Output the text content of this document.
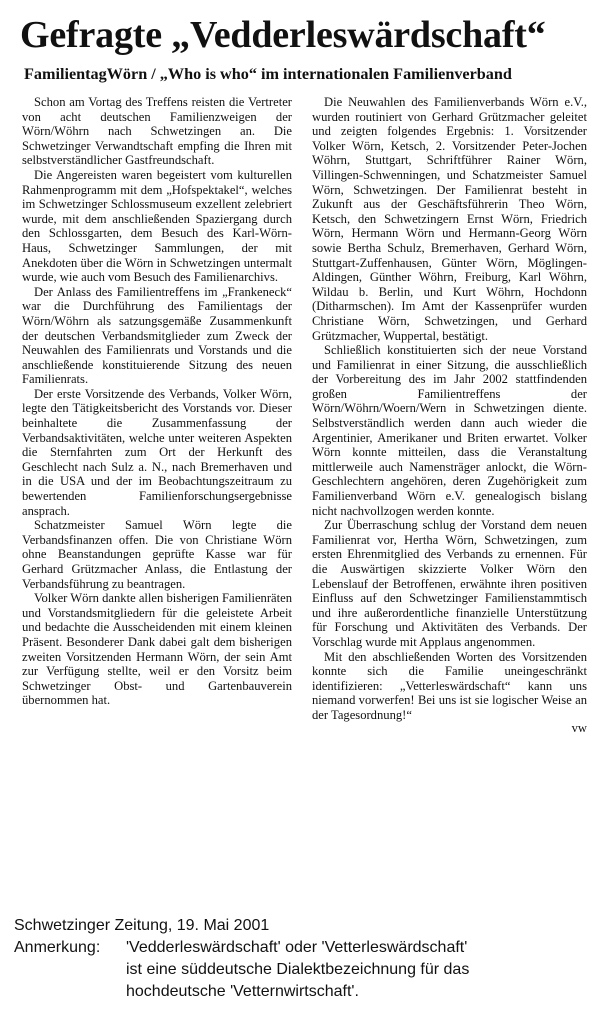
Gefragte „Vedderleswärdschaft“
FamilientagWörn / „Who is who“ im internationalen Familienverband

Schon am Vortag des Treffens reisten die Vertreter von acht deutschen Familienzweigen der Wörn/Wöhrn nach Schwetzingen an. Die Schwetzinger Verwandtschaft empfing die Ihren mit selbstverständlicher Gastfreundschaft.

Die Angereisten waren begeistert vom kulturellen Rahmenprogramm mit dem „Hofspektakel“, welches im Schwetzinger Schlossmuseum exzellent zelebriert wurde, mit dem anschließenden Spaziergang durch den Schlossgarten, dem Besuch des Karl-Wörn-Haus, Schwetzinger Sammlungen, der mit Anekdoten über die Wörn in Schwetzingen untermalt wurde, wie auch vom Besuch des Familienarchivs.

Der Anlass des Familientreffens im „Frankeneck“ war die Durchführung des Familientags der Wörn/Wöhrn als satzungsgemäße Zusammenkunft der deutschen Verbandsmitglieder zum Zweck der Neuwahlen des Familienrats und Vorstands und die anschließende konstituierende Sitzung des neuen Familienrats.

Der erste Vorsitzende des Verbands, Volker Wörn, legte den Tätigkeitsbericht des Vorstands vor. Dieser beinhaltete die Zusammenfassung der Verbandsaktivitäten, welche unter weiteren Aspekten die Sternfahrten zum Ort der Herkunft des Geschlecht nach Sulz a. N., nach Bremerhaven und in die USA und der im Beobachtungszeitraum zu bewertenden Familienforschungsergebnisse ansprach.

Schatzmeister Samuel Wörn legte die Verbandsfinanzen offen. Die von Christiane Wörn ohne Beanstandungen geprüfte Kasse war für Gerhard Grützmacher Anlass, die Entlastung der Verbandsführung zu beantragen.

Volker Wörn dankte allen bisherigen Familienräten und Vorstandsmitgliedern für die geleistete Arbeit und bedachte die Ausscheidenden mit einem kleinen Präsent. Besonderer Dank dabei galt dem bisherigen zweiten Vorsitzenden Hermann Wörn, der sein Amt zur Verfügung stellte, weil er den Vorsitz beim Schwetzinger Obst- und Gartenbauverein übernommen hat.

Die Neuwahlen des Familienverbands Wörn e.V., wurden routiniert von Gerhard Grützmacher geleitet und zeigten folgendes Ergebnis: 1. Vorsitzender Volker Wörn, Ketsch, 2. Vorsitzender Peter-Jochen Wöhrn, Stuttgart, Schriftführer Rainer Wörn, Villingen-Schwenningen, und Schatzmeister Samuel Wörn, Schwetzingen. Der Familienrat besteht in Zukunft aus der Geschäftsführerin Theo Wörn, Ketsch, den Schwetzingern Ernst Wörn, Friedrich Wörn, Hermann Wörn und Hermann-Georg Wörn sowie Bertha Schulz, Bremerhaven, Gerhard Wörn, Stuttgart-Zuffenhausen, Günter Wörn, Möglingen-Aldingen, Günther Wöhrn, Freiburg, Karl Wöhrn, Wildau b. Berlin, und Kurt Wöhrn, Hochdonn (Ditharmschen). Im Amt der Kassenprüfer wurden Christiane Wörn, Schwetzingen, und Gerhard Grützmacher, Wuppertal, bestätigt.

Schließlich konstituierten sich der neue Vorstand und Familienrat in einer Sitzung, die ausschließlich der Vorbereitung des im Jahr 2002 stattfindenden großen Familientreffens der Wörn/Wöhrn/Woern/Wern in Schwetzingen diente. Selbstverständlich werden dann auch wieder die Argentinier, Amerikaner und Briten erwartet. Volker Wörn konnte mitteilen, dass die Veranstaltung mittlerweile auch Namensträger anlockt, die Wörn-Geschlechtern angehören, deren Zugehörigkeit zum Familienverband Wörn e.V. genealogisch bislang nicht nachvollzogen werden konnte.

Zur Überraschung schlug der Vorstand dem neuen Familienrat vor, Hertha Wörn, Schwetzingen, zum ersten Ehrenmitglied des Verbands zu ernennen. Für die Auswärtigen skizzierte Volker Wörn den Lebenslauf der Betroffenen, erwähnte ihren positiven Einfluss auf den Schwetzinger Familienstammtisch und ihre außerordentliche finanzielle Unterstützung für Forschung und Aktivitäten des Verbands. Der Vorschlag wurde mit Applaus angenommen.

Mit den abschließenden Worten des Vorsitzenden konnte sich die Familie uneingeschränkt identifizieren: „Vetterleswärdschaft“ kann uns niemand vorwerfen! Bei uns ist sie logischer Weise an der Tagesordnung!“

vw

Schwetzinger Zeitung, 19. Mai 2001
Anmerkung:	'Vedderleswärdschaft' oder 'Vetterleswärdschaft'
ist eine süddeutsche Dialektbezeichnung für das
hochdeutsche 'Vetternwirtschaft'.
